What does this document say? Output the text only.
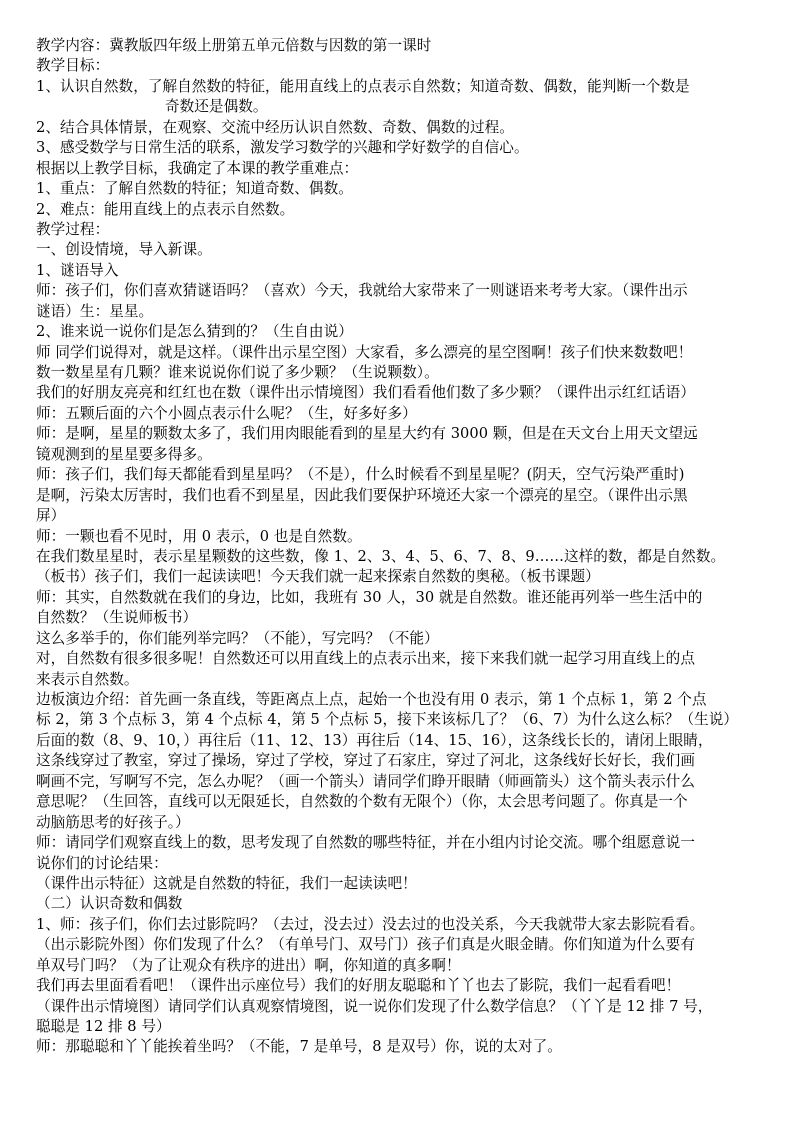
教学内容：冀教版四年级上册第五单元倍数与因数的第一课时
教学目标：
1、认识自然数，了解自然数的特征，能用直线上的点表示自然数；知道奇数、偶数，能判断一个数是
奇数还是偶数。
2、结合具体情景，在观察、交流中经历认识自然数、奇数、偶数的过程。
3、感受数学与日常生活的联系，激发学习数学的兴趣和学好数学的自信心。
根据以上教学目标，我确定了本课的教学重难点：
1、重点：了解自然数的特征；知道奇数、偶数。
2、难点：能用直线上的点表示自然数。
教学过程：
一、创设情境，导入新课。
1、谜语导入
师：孩子们，你们喜欢猜谜语吗？（喜欢）今天，我就给大家带来了一则谜语来考考大家。（课件出示
谜语）生：星星。
2、谁来说一说你们是怎么猜到的？（生自由说）
师 同学们说得对，就是这样。（课件出示星空图）大家看，多么漂亮的星空图啊！孩子们快来数数吧！
数一数星星有几颗？谁来说说你们说了多少颗？（生说颗数）。
我们的好朋友亮亮和红红也在数（课件出示情境图）我们看看他们数了多少颗？（课件出示红红话语）
师：五颗后面的六个小圆点表示什么呢？（生，好多好多）
师：是啊，星星的颗数太多了，我们用肉眼能看到的星星大约有 3000 颗，但是在天文台上用天文望远
镜观测到的星星要多得多。
师：孩子们，我们每天都能看到星星吗？（不是），什么时候看不到星星呢？(阴天，空气污染严重时)
是啊，污染太厉害时，我们也看不到星星，因此我们要保护环境还大家一个漂亮的星空。（课件出示黑
屏）
师：一颗也看不见时，用 0 表示，0 也是自然数。
在我们数星星时，表示星星颗数的这些数，像 1、2、3、4、5、6、7、8、9……这样的数，都是自然数。
（板书）孩子们，我们一起读读吧！今天我们就一起来探索自然数的奥秘。（板书课题）
师：其实，自然数就在我们的身边，比如，我班有 30 人，30 就是自然数。谁还能再列举一些生活中的
自然数？（生说师板书）
这么多举手的，你们能列举完吗？（不能），写完吗？（不能）
对，自然数有很多很多呢！自然数还可以用直线上的点表示出来，接下来我们就一起学习用直线上的点
来表示自然数。
边板演边介绍：首先画一条直线，等距离点上点，起始一个也没有用 0 表示，第 1 个点标 1，第 2 个点
标 2，第 3 个点标 3，第 4 个点标 4，第 5 个点标 5，接下来该标几了？（6、7）为什么这么标？（生说）
后面的数（8、9、10，）再往后（11、12、13）再往后（14、15、16），这条线长长的，请闭上眼睛，
这条线穿过了教室，穿过了操场，穿过了学校，穿过了石家庄，穿过了河北，这条线好长好长，我们画
啊画不完，写啊写不完，怎么办呢？（画一个箭头）请同学们睁开眼睛（师画箭头）这个箭头表示什么
意思呢？（生回答，直线可以无限延长，自然数的个数有无限个）（你，太会思考问题了。你真是一个
动脑筋思考的好孩子。）
师：请同学们观察直线上的数，思考发现了自然数的哪些特征，并在小组内讨论交流。哪个组愿意说一
说你们的讨论结果：
（课件出示特征）这就是自然数的特征，我们一起读读吧！
（二）认识奇数和偶数
1、师：孩子们，你们去过影院吗？（去过，没去过）没去过的也没关系，今天我就带大家去影院看看。
（出示影院外图）你们发现了什么？（有单号门、双号门）孩子们真是火眼金睛。你们知道为什么要有
单双号门吗？（为了让观众有秩序的进出）啊，你知道的真多啊！
我们再去里面看看吧！（课件出示座位号）我们的好朋友聪聪和丫丫也去了影院，我们一起看看吧！
（课件出示情境图）请同学们认真观察情境图，说一说你们发现了什么数学信息？（丫丫是 12 排 7 号，
聪聪是 12 排 8 号）
师：那聪聪和丫丫能挨着坐吗？（不能，7 是单号，8 是双号）你，说的太对了。
